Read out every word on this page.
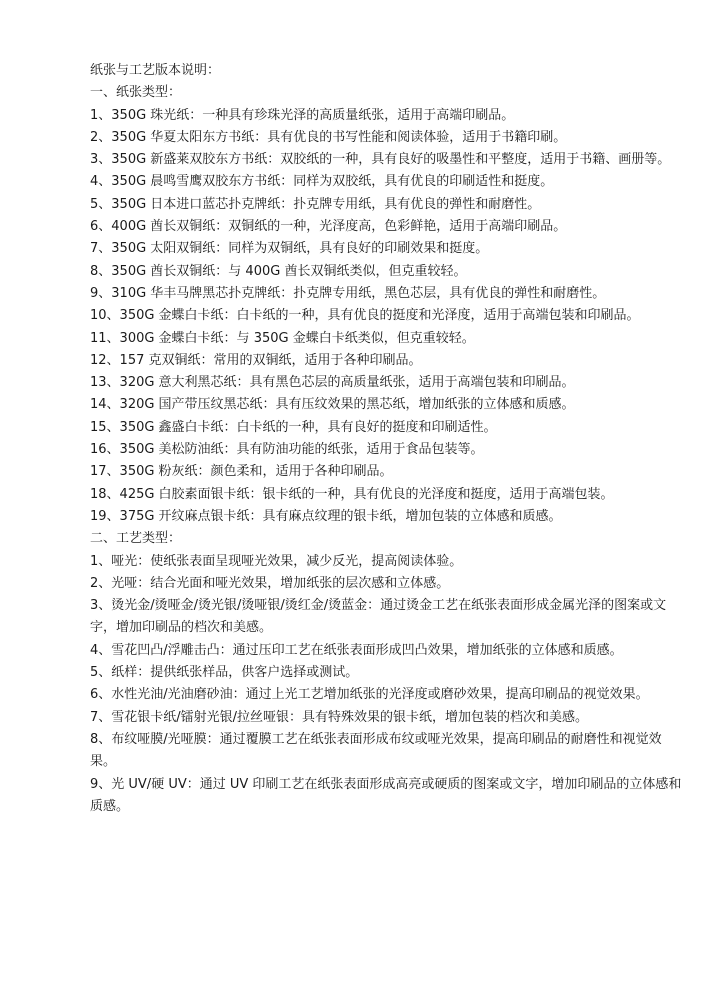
纸张与工艺版本说明：
一、纸张类型：
1、350G 珠光纸：一种具有珍珠光泽的高质量纸张，适用于高端印刷品。
2、350G 华夏太阳东方书纸：具有优良的书写性能和阅读体验，适用于书籍印刷。
3、350G 新盛莱双胶东方书纸：双胶纸的一种，具有良好的吸墨性和平整度，适用于书籍、画册等。
4、350G 晨鸣雪鹰双胶东方书纸：同样为双胶纸，具有优良的印刷适性和挺度。
5、350G 日本进口蓝芯扑克牌纸：扑克牌专用纸，具有优良的弹性和耐磨性。
6、400G 酋长双铜纸：双铜纸的一种，光泽度高，色彩鲜艳，适用于高端印刷品。
7、350G 太阳双铜纸：同样为双铜纸，具有良好的印刷效果和挺度。
8、350G 酋长双铜纸：与 400G 酋长双铜纸类似，但克重较轻。
9、310G 华丰马牌黑芯扑克牌纸：扑克牌专用纸，黑色芯层，具有优良的弹性和耐磨性。
10、350G 金蝶白卡纸：白卡纸的一种，具有优良的挺度和光泽度，适用于高端包装和印刷品。
11、300G 金蝶白卡纸：与 350G 金蝶白卡纸类似，但克重较轻。
12、157 克双铜纸：常用的双铜纸，适用于各种印刷品。
13、320G 意大利黑芯纸：具有黑色芯层的高质量纸张，适用于高端包装和印刷品。
14、320G 国产带压纹黑芯纸：具有压纹效果的黑芯纸，增加纸张的立体感和质感。
15、350G 鑫盛白卡纸：白卡纸的一种，具有良好的挺度和印刷适性。
16、350G 美松防油纸：具有防油功能的纸张，适用于食品包装等。
17、350G 粉灰纸：颜色柔和，适用于各种印刷品。
18、425G 白胶素面银卡纸：银卡纸的一种，具有优良的光泽度和挺度，适用于高端包装。
19、375G 开纹麻点银卡纸：具有麻点纹理的银卡纸，增加包装的立体感和质感。
二、工艺类型：
1、哑光：使纸张表面呈现哑光效果，减少反光，提高阅读体验。
2、光哑：结合光面和哑光效果，增加纸张的层次感和立体感。
3、烫光金/烫哑金/烫光银/烫哑银/烫红金/烫蓝金：通过烫金工艺在纸张表面形成金属光泽的图案或文字，增加印刷品的档次和美感。
4、雪花凹凸/浮雕击凸：通过压印工艺在纸张表面形成凹凸效果，增加纸张的立体感和质感。
5、纸样：提供纸张样品，供客户选择或测试。
6、水性光油/光油磨砂油：通过上光工艺增加纸张的光泽度或磨砂效果，提高印刷品的视觉效果。
7、雪花银卡纸/镭射光银/拉丝哑银：具有特殊效果的银卡纸，增加包装的档次和美感。
8、布纹哑膜/光哑膜：通过覆膜工艺在纸张表面形成布纹或哑光效果，提高印刷品的耐磨性和视觉效果。
9、光 UV/硬 UV：通过 UV 印刷工艺在纸张表面形成高亮或硬质的图案或文字，增加印刷品的立体感和质感。
